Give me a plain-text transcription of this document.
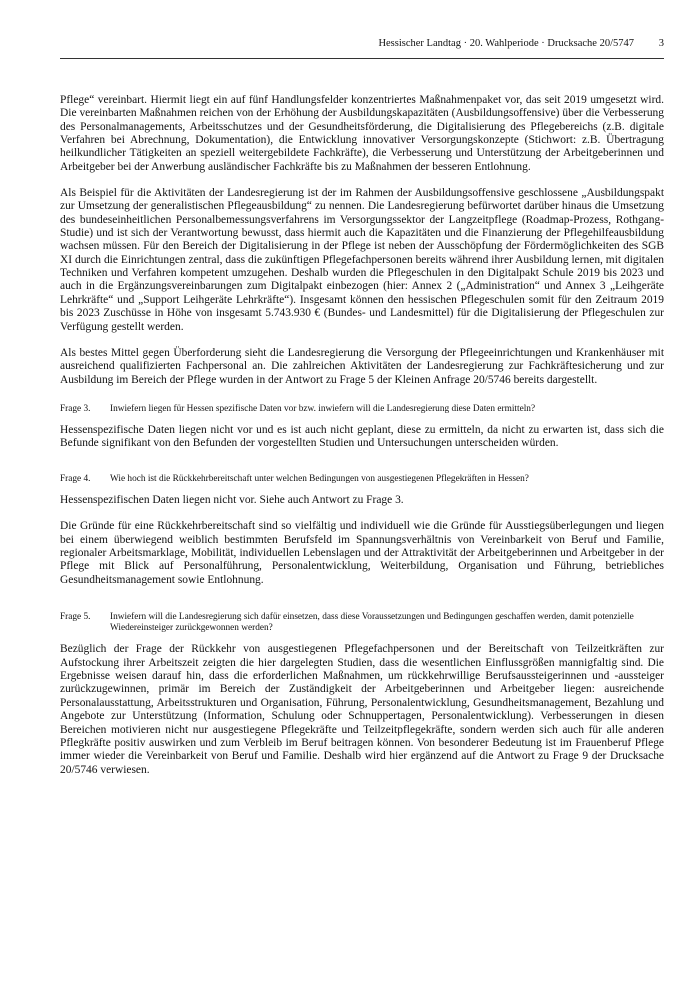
Hessischer Landtag · 20. Wahlperiode · Drucksache 20/5747 3

Pflege“ vereinbart. Hiermit liegt ein auf fünf Handlungsfelder konzentriertes Maßnahmenpaket vor, das seit 2019 umgesetzt wird. Die vereinbarten Maßnahmen reichen von der Erhöhung der Ausbildungskapazitäten (Ausbildungsoffensive) über die Verbesserung des Personalmanagements, Arbeitsschutzes und der Gesundheitsförderung, die Digitalisierung des Pflegebereichs (z.B. digitale Verfahren bei Abrechnung, Dokumentation), die Entwicklung innovativer Versorgungskonzepte (Stichwort: z.B. Übertragung heilkundlicher Tätigkeiten an speziell weitergebildete Fachkräfte), die Verbesserung und Unterstützung der Arbeitgeberinnen und Arbeitgeber bei der Anwerbung ausländischer Fachkräfte bis zu Maßnahmen der besseren Entlohnung.

Als Beispiel für die Aktivitäten der Landesregierung ist der im Rahmen der Ausbildungsoffensive geschlossene „Ausbildungspakt zur Umsetzung der generalistischen Pflegeausbildung“ zu nennen. Die Landesregierung befürwortet darüber hinaus die Umsetzung des bundeseinheitlichen Personalbemessungsverfahrens im Versorgungssektor der Langzeitpflege (Roadmap-Prozess, Rothgang-Studie) und ist sich der Verantwortung bewusst, dass hiermit auch die Kapazitäten und die Finanzierung der Pflegehilfeausbildung wachsen müssen. Für den Bereich der Digitalisierung in der Pflege ist neben der Ausschöpfung der Fördermöglichkeiten des SGB XI durch die Einrichtungen zentral, dass die zukünftigen Pflegefachpersonen bereits während ihrer Ausbildung lernen, mit digitalen Techniken und Verfahren kompetent umzugehen. Deshalb wurden die Pflegeschulen in den Digitalpakt Schule 2019 bis 2023 und auch in die Ergänzungsvereinbarungen zum Digitalpakt einbezogen (hier: Annex 2 („Administration“ und Annex 3 „Leihgeräte Lehrkräfte“ und „Support Leihgeräte Lehrkräfte“). Insgesamt können den hessischen Pflegeschulen somit für den Zeitraum 2019 bis 2023 Zuschüsse in Höhe von insgesamt 5.743.930 € (Bundes- und Landesmittel) für die Digitalisierung der Pflegeschulen zur Verfügung gestellt werden.

Als bestes Mittel gegen Überforderung sieht die Landesregierung die Versorgung der Pflegeeinrichtungen und Krankenhäuser mit ausreichend qualifizierten Fachpersonal an. Die zahlreichen Aktivitäten der Landesregierung zur Fachkräftesicherung und zur Ausbildung im Bereich der Pflege wurden in der Antwort zu Frage 5 der Kleinen Anfrage 20/5746 bereits dargestellt.

Frage 3.	Inwiefern liegen für Hessen spezifische Daten vor bzw. inwiefern will die Landesregierung diese Daten ermitteln?

Hessenspezifische Daten liegen nicht vor und es ist auch nicht geplant, diese zu ermitteln, da nicht zu erwarten ist, dass sich die Befunde signifikant von den Befunden der vorgestellten Studien und Untersuchungen unterscheiden würden.

Frage 4.	Wie hoch ist die Rückkehrbereitschaft unter welchen Bedingungen von ausgestiegenen Pflegekräften in Hessen?

Hessenspezifischen Daten liegen nicht vor. Siehe auch Antwort zu Frage 3.

Die Gründe für eine Rückkehrbereitschaft sind so vielfältig und individuell wie die Gründe für Ausstiegsüberlegungen und liegen bei einem überwiegend weiblich bestimmten Berufsfeld im Spannungsverhältnis von Vereinbarkeit von Beruf und Familie, regionaler Arbeitsmarklage, Mobilität, individuellen Lebenslagen und der Attraktivität der Arbeitgeberinnen und Arbeitgeber in der Pflege mit Blick auf Personalführung, Personalentwicklung, Weiterbildung, Organisation und Führung, betriebliches Gesundheitsmanagement sowie Entlohnung.

Frage 5.	Inwiefern will die Landesregierung sich dafür einsetzen, dass diese Voraussetzungen und Bedingungen geschaffen werden, damit potenzielle Wiedereinsteiger zurückgewonnen werden?

Bezüglich der Frage der Rückkehr von ausgestiegenen Pflegefachpersonen und der Bereitschaft von Teilzeitkräften zur Aufstockung ihrer Arbeitszeit zeigten die hier dargelegten Studien, dass die wesentlichen Einflussgrößen mannigfaltig sind. Die Ergebnisse weisen darauf hin, dass die erforderlichen Maßnahmen, um rückkehrwillige Berufsaussteigerinnen und -aussteiger zurückzugewinnen, primär im Bereich der Zuständigkeit der Arbeitgeberinnen und Arbeitgeber liegen: ausreichende Personalausstattung, Arbeitsstrukturen und Organisation, Führung, Personalentwicklung, Gesundheitsmanagement, Bezahlung und Angebote zur Unterstützung (Information, Schulung oder Schnuppertagen, Personalentwicklung). Verbesserungen in diesen Bereichen motivieren nicht nur ausgestiegene Pflegekräfte und Teilzeitpflegekräfte, sondern werden sich auch für alle anderen Pflegkräfte positiv auswirken und zum Verbleib im Beruf beitragen können. Von besonderer Bedeutung ist im Frauenberuf Pflege immer wieder die Vereinbarkeit von Beruf und Familie. Deshalb wird hier ergänzend auf die Antwort zu Frage 9 der Drucksache 20/5746 verwiesen.
